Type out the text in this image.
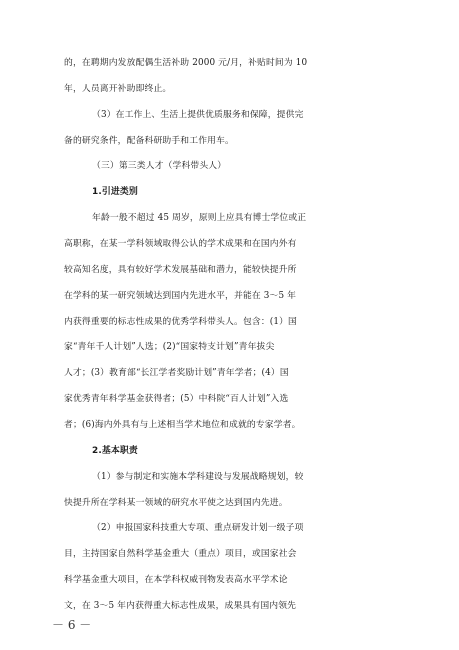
的，在聘期内发放配偶生活补助 2000 元/月，补贴时间为 10
年，人员离开补助即终止。
（3）在工作上、生活上提供优质服务和保障，提供完
备的研究条件，配备科研助手和工作用车。
（三）第三类人才（学科带头人）
1.引进类别
年龄一般不超过 45 周岁，原则上应具有博士学位或正
高职称，在某一学科领域取得公认的学术成果和在国内外有
较高知名度，具有较好学术发展基础和潜力，能较快提升所
在学科的某一研究领域达到国内先进水平，并能在 3～5 年
内获得重要的标志性成果的优秀学科带头人。包含：(1）国
家“青年千人计划”人选；(2)“国家特支计划”青年拔尖
人才；(3）教育部“长江学者奖励计划”青年学者；(4）国
家优秀青年科学基金获得者；(5）中科院“百人计划”入选
者；(6)海内外具有与上述相当学术地位和成就的专家学者。
2.基本职责
（1）参与制定和实施本学科建设与发展战略规划，较
快提升所在学科某一领域的研究水平使之达到国内先进。
（2）申报国家科技重大专项、重点研发计划一级子项
目，主持国家自然科学基金重大（重点）项目，或国家社会
科学基金重大项目，在本学科权威刊物发表高水平学术论
文，在 3～5 年内获得重大标志性成果，成果具有国内领先
－ 6 －
